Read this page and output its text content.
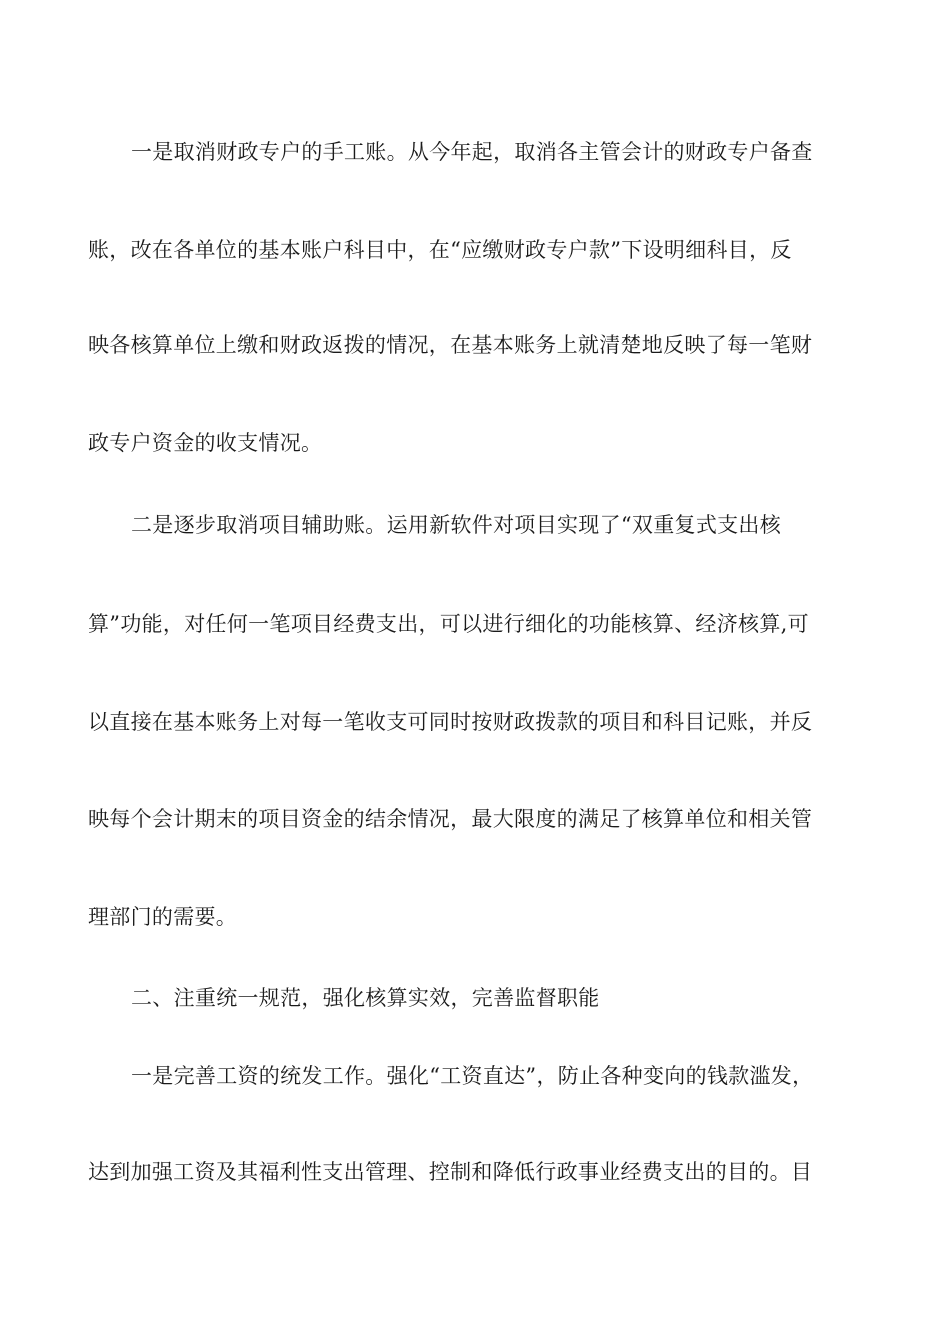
一是取消财政专户的手工账。从今年起，取消各主管会计的财政专户备查
账，改在各单位的基本账户科目中，在“应缴财政专户款”下设明细科目，反
映各核算单位上缴和财政返拨的情况，在基本账务上就清楚地反映了每一笔财
政专户资金的收支情况。
二是逐步取消项目辅助账。运用新软件对项目实现了“双重复式支出核
算”功能，对任何一笔项目经费支出，可以进行细化的功能核算、经济核算,可
以直接在基本账务上对每一笔收支可同时按财政拨款的项目和科目记账，并反
映每个会计期末的项目资金的结余情况，最大限度的满足了核算单位和相关管
理部门的需要。
二、注重统一规范，强化核算实效，完善监督职能
一是完善工资的统发工作。强化“工资直达”，防止各种变向的钱款滥发，
达到加强工资及其福利性支出管理、控制和降低行政事业经费支出的目的。目
